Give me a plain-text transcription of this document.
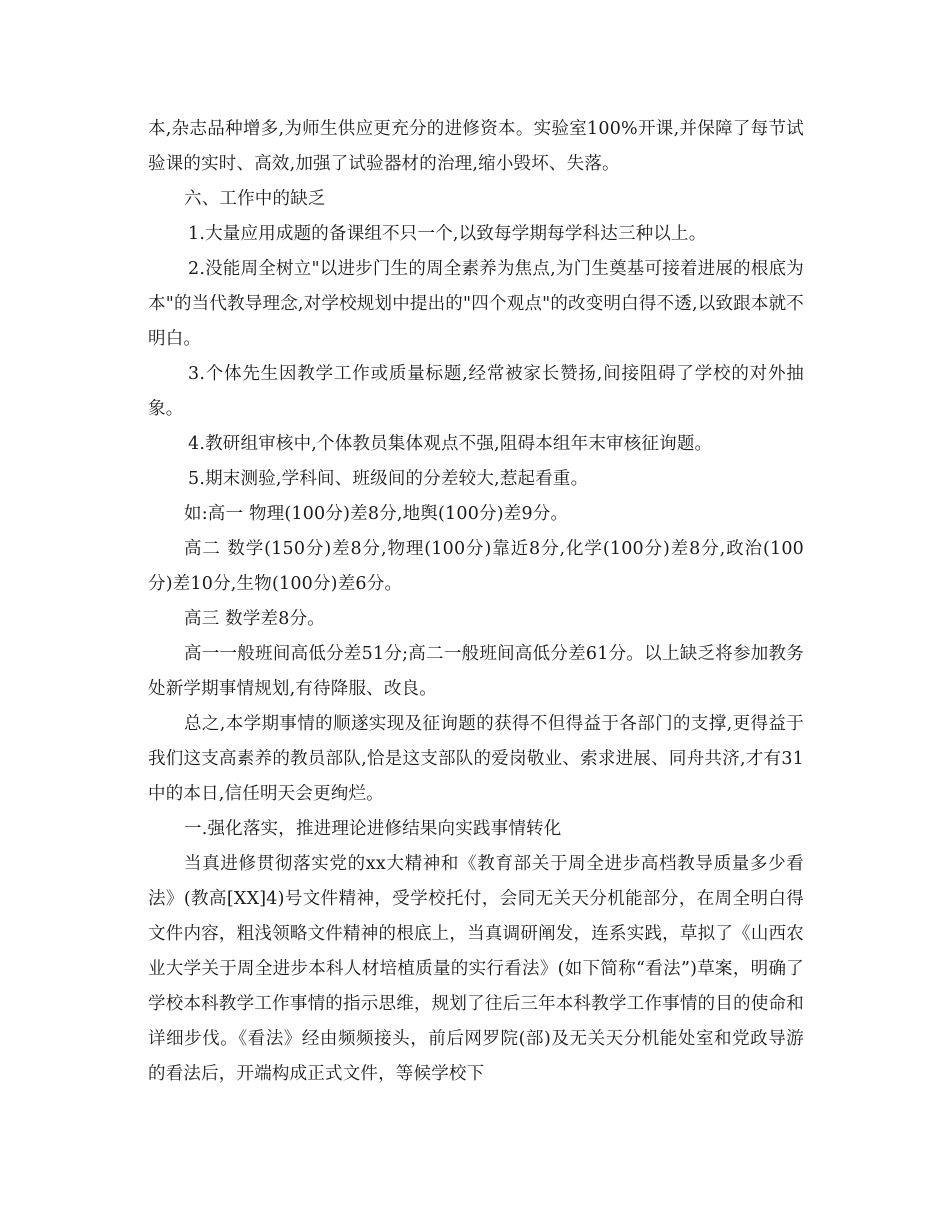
本,杂志品种增多,为师生供应更充分的进修资本。实验室100%开课,并保障了每节试验课的实时、高效,加强了试验器材的治理,缩小毁坏、失落。

六、工作中的缺乏

1.大量应用成题的备课组不只一个,以致每学期每学科达三种以上。

2.没能周全树立"以进步门生的周全素养为焦点,为门生奠基可接着进展的根底为本"的当代教导理念,对学校规划中提出的"四个观点"的改变明白得不透,以致跟本就不明白。

3.个体先生因教学工作或质量标题,经常被家长赞扬,间接阻碍了学校的对外抽象。

4.教研组审核中,个体教员集体观点不强,阻碍本组年末审核征询题。

5.期末测验,学科间、班级间的分差较大,惹起看重。

如:高一 物理(100分)差8分,地舆(100分)差9分。

高二 数学(150分)差8分,物理(100分)靠近8分,化学(100分)差8分,政治(100分)差10分,生物(100分)差6分。

高三 数学差8分。

高一一般班间高低分差51分;高二一般班间高低分差61分。以上缺乏将参加教务处新学期事情规划,有待降服、改良。

总之,本学期事情的顺遂实现及征询题的获得不但得益于各部门的支撑,更得益于我们这支高素养的教员部队,恰是这支部队的爱岗敬业、索求进展、同舟共济,才有31中的本日,信任明天会更绚烂。

一.强化落实，推进理论进修结果向实践事情转化

当真进修贯彻落实党的xx大精神和《教育部关于周全进步高档教导质量多少看法》(教高[XX]4)号文件精神，受学校托付，会同无关天分机能部分，在周全明白得文件内容，粗浅领略文件精神的根底上，当真调研阐发，连系实践，草拟了《山西农业大学关于周全进步本科人材培植质量的实行看法》(如下简称“看法”)草案，明确了学校本科教学工作事情的指示思维，规划了往后三年本科教学工作事情的目的使命和详细步伐。《看法》经由频频接头，前后网罗院(部)及无关天分机能处室和党政导游的看法后，开端构成正式文件，等候学校下
